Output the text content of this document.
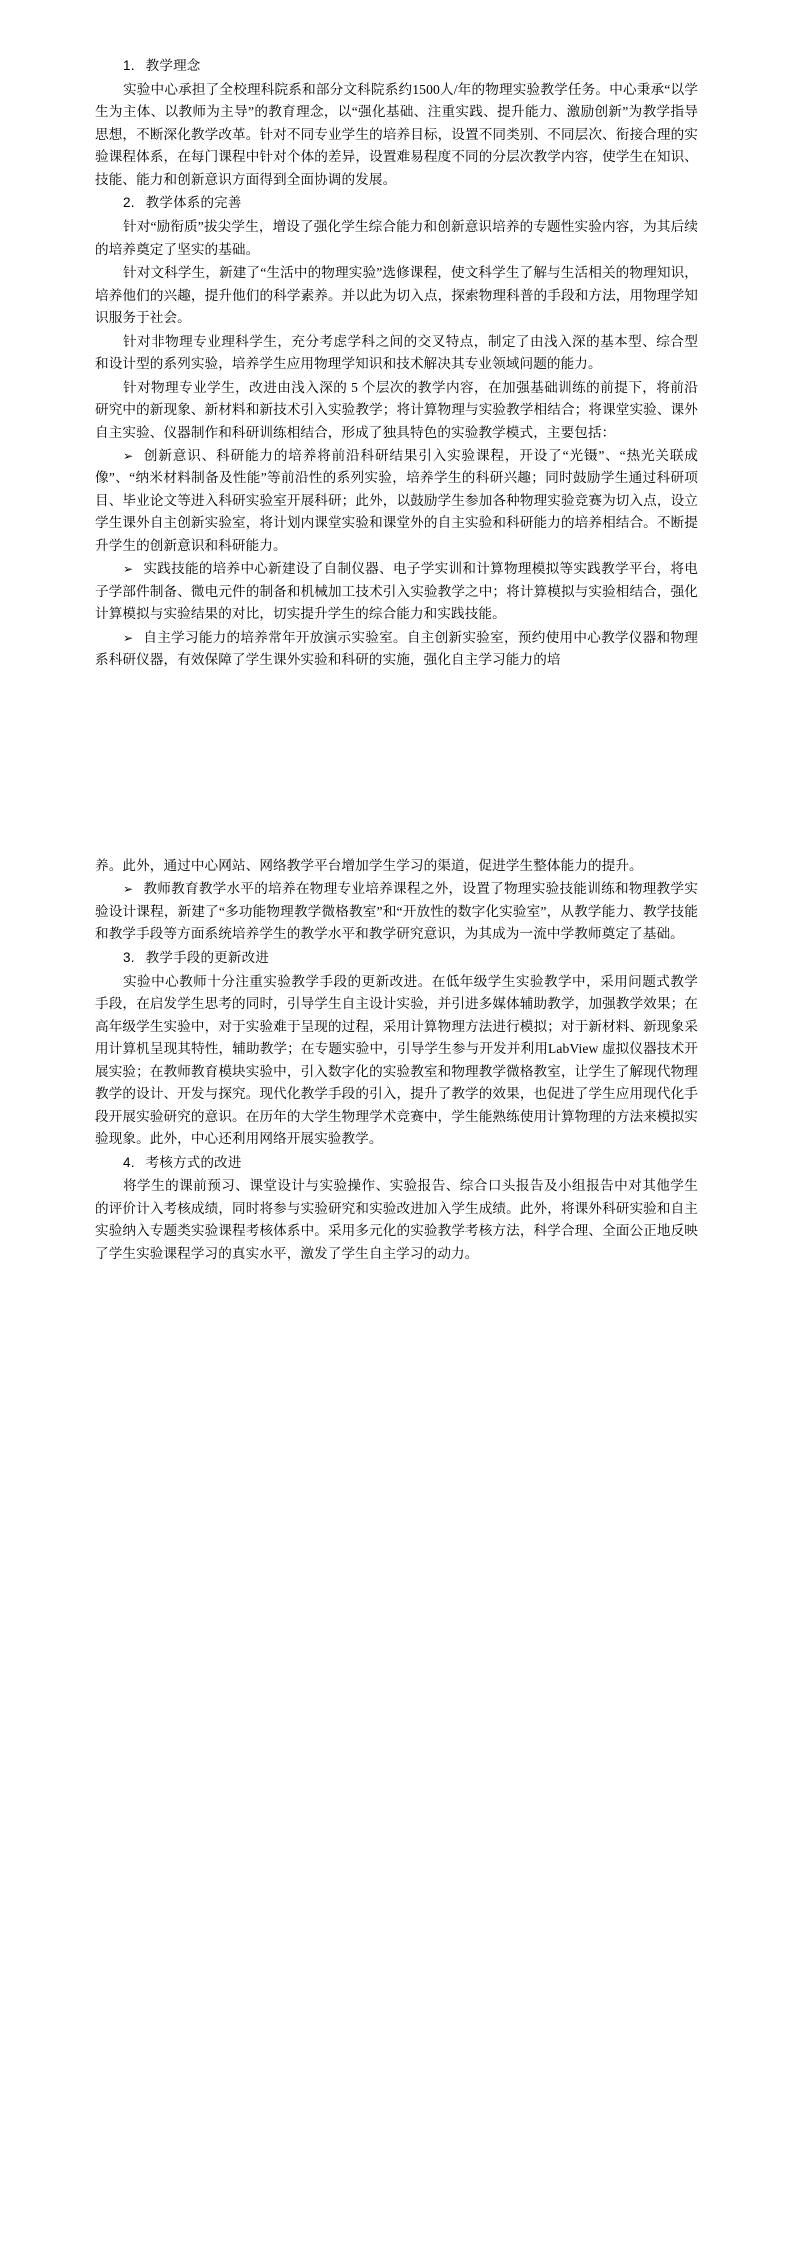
1. 教学理念

实验中心承担了全校理科院系和部分文科院系约1500人/年的物理实验教学任务。中心秉承“以学生为主体、以教师为主导”的教育理念，以“强化基础、注重实践、提升能力、激励创新”为教学指导思想，不断深化教学改革。针对不同专业学生的培养目标，设置不同类别、不同层次、衔接合理的实验课程体系，在每门课程中针对个体的差异，设置难易程度不同的分层次教学内容，使学生在知识、技能、能力和创新意识方面得到全面协调的发展。

2. 教学体系的完善

针对“励衔质”拔尖学生，增设了强化学生综合能力和创新意识培养的专题性实验内容，为其后续的培养奠定了坚实的基础。

针对文科学生，新建了“生活中的物理实验”选修课程，使文科学生了解与生活相关的物理知识，培养他们的兴趣，提升他们的科学素养。并以此为切入点，探索物理科普的手段和方法，用物理学知识服务于社会。

针对非物理专业理科学生，充分考虑学科之间的交叉特点，制定了由浅入深的基本型、综合型和设计型的系列实验，培养学生应用物理学知识和技术解决其专业领域问题的能力。

针对物理专业学生，改进由浅入深的 5 个层次的教学内容，在加强基础训练的前提下，将前沿研究中的新现象、新材料和新技术引入实验教学；将计算物理与实验教学相结合；将课堂实验、课外自主实验、仪器制作和科研训练相结合，形成了独具特色的实验教学模式，主要包括：

➢ 创新意识、科研能力的培养将前沿科研结果引入实验课程，开设了“光镊”、“热光关联成像”、“纳米材料制备及性能”等前沿性的系列实验，培养学生的科研兴趣；同时鼓励学生通过科研项目、毕业论文等进入科研实验室开展科研；此外，以鼓励学生参加各种物理实验竞赛为切入点，设立学生课外自主创新实验室，将计划内课堂实验和课堂外的自主实验和科研能力的培养相结合。不断提升学生的创新意识和科研能力。

➢ 实践技能的培养中心新建设了自制仪器、电子学实训和计算物理模拟等实践教学平台，将电子学部件制备、微电元件的制备和机械加工技术引入实验教学之中；将计算模拟与实验相结合，强化计算模拟与实验结果的对比，切实提升学生的综合能力和实践技能。

➢ 自主学习能力的培养常年开放演示实验室。自主创新实验室，预约使用中心教学仪器和物理系科研仪器，有效保障了学生课外实验和科研的实施，强化自主学习能力的培

养。此外，通过中心网站、网络教学平台增加学生学习的渠道，促进学生整体能力的提升。

➢ 教师教育教学水平的培养在物理专业培养课程之外，设置了物理实验技能训练和物理教学实验设计课程，新建了“多功能物理教学微格教室”和“开放性的数字化实验室”，从教学能力、教学技能和教学手段等方面系统培养学生的教学水平和教学研究意识，为其成为一流中学教师奠定了基础。

3. 教学手段的更新改进

实验中心教师十分注重实验教学手段的更新改进。在低年级学生实验教学中，采用问题式教学手段，在启发学生思考的同时，引导学生自主设计实验，并引进多媒体辅助教学，加强教学效果；在高年级学生实验中，对于实验难于呈现的过程，采用计算物理方法进行模拟；对于新材料、新现象采用计算机呈现其特性，辅助教学；在专题实验中，引导学生参与开发并利用LabView 虚拟仪器技术开展实验；在教师教育模块实验中，引入数字化的实验教室和物理教学微格教室，让学生了解现代物理教学的设计、开发与探究。现代化教学手段的引入，提升了教学的效果，也促进了学生应用现代化手段开展实验研究的意识。在历年的大学生物理学术竞赛中，学生能熟练使用计算物理的方法来模拟实验现象。此外，中心还利用网络开展实验教学。

4. 考核方式的改进

将学生的课前预习、课堂设计与实验操作、实验报告、综合口头报告及小组报告中对其他学生的评价计入考核成绩，同时将参与实验研究和实验改进加入学生成绩。此外，将课外科研实验和自主实验纳入专题类实验课程考核体系中。采用多元化的实验教学考核方法，科学合理、全面公正地反映了学生实验课程学习的真实水平，激发了学生自主学习的动力。
